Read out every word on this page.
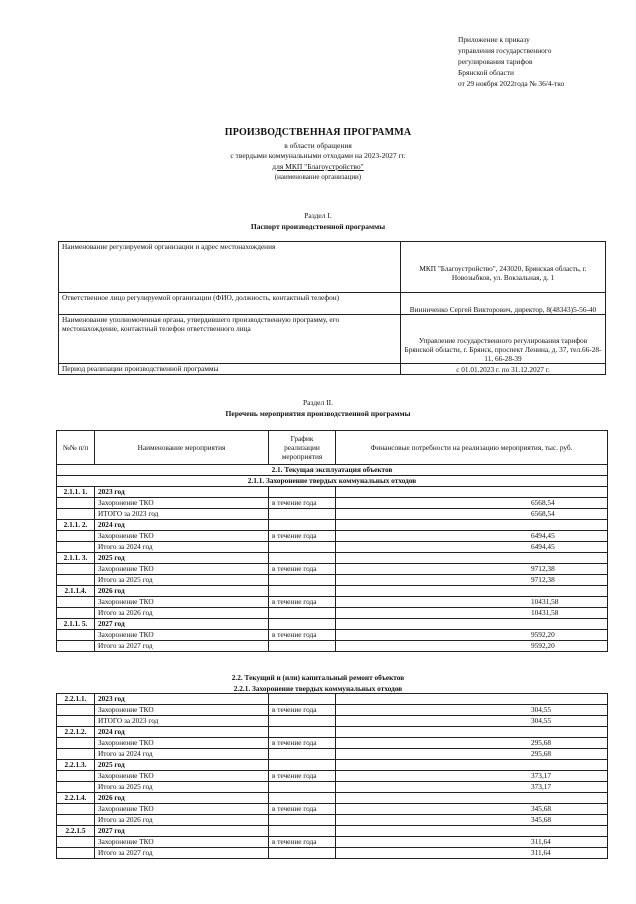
Приложение к приказу
управления государственного
регулирования тарифов
Брянской области
от 29 ноября 2022года № 36/4-тко
ПРОИЗВОДСТВЕННАЯ ПРОГРАММА
в области обращения
с твердыми коммунальными отходами на 2023-2027 гг.
для МКП "Благоустройство"
(наименование организации)
Раздел I.
Паспорт производственной программы
Наименование регулируемой организации и адрес местонахождения	МКП "Благоустройство", 243020, Брянская область, г. Новозыбков, ул. Вокзальная, д. 1
Ответственное лицо регулируемой организации (ФИО, должность, контактный телефон)	Винниченко Сергей Викторович, директор, 8(48343)5-56-40
Наименование уполномоченная органа, утвердившего производственную программу, его местонахождение, контактный телефон ответственного лица	Управление государственного регулирования тарифов Брянской области, г. Брянск, проспект Ленина, д. 37, тел.66-28-11, 66-28-39
Период реализации производственной программы	с 01.01.2023 г. по 31.12.2027 г.
Раздел II.
Перечень мероприятия производственной программы
№№ п/п	Наименование мероприятия	График реализации мероприятия	Финансовые потребности на реализацию мероприятия, тыс. руб.
2.1. Текущая эксплуатация объектов			
2.1.1. Захоронение твердых коммунальных отходов			
2.1.1. 1.	2023 год		
	Захоронение ТКО	в течение года	6568,54
	ИТОГО за 2023 год		6568,54
2.1.1. 2.	2024 год		
	Захоронение ТКО	в течение года	6494,45
	Итого за 2024 год		6494,45
2.1.1. 3.	2025 год		
	Захоронение ТКО	в течение года	9712,38
	Итого за 2025 год		9712,38
2.1.1.4.	2026 год		
	Захоронение ТКО	в течение года	10431,58
	Итого за 2026 год		10431,58
2.1.1. 5.	2027 год		
	Захоронение ТКО	в течение года	9592,20
	Итого за 2027 год		9592,20
2.2. Текущий и (или) капитальный ремонт объектов
2.2.1. Захоронение твердых коммунальных отходов
2.2.1.1.	2023 год		
	Захоронение ТКО	в течение года	304,55
	ИТОГО за 2023 год		304,55
2.2.1.2.	2024 год		
	Захоронение ТКО	в течение года	295,68
	Итого за 2024 год		295,68
2.2.1.3.	2025 год		
	Захоронение ТКО	в течение года	373,17
	Итого за 2025 год		373,17
2.2.1.4.	2026 год		
	Захоронение ТКО	в течение года	345,68
	Итого за 2026 год		345,68
2.2.1.5	2027 год		
	Захоронение ТКО	в течение года	311,64
	Итого за 2027 год		311,64
